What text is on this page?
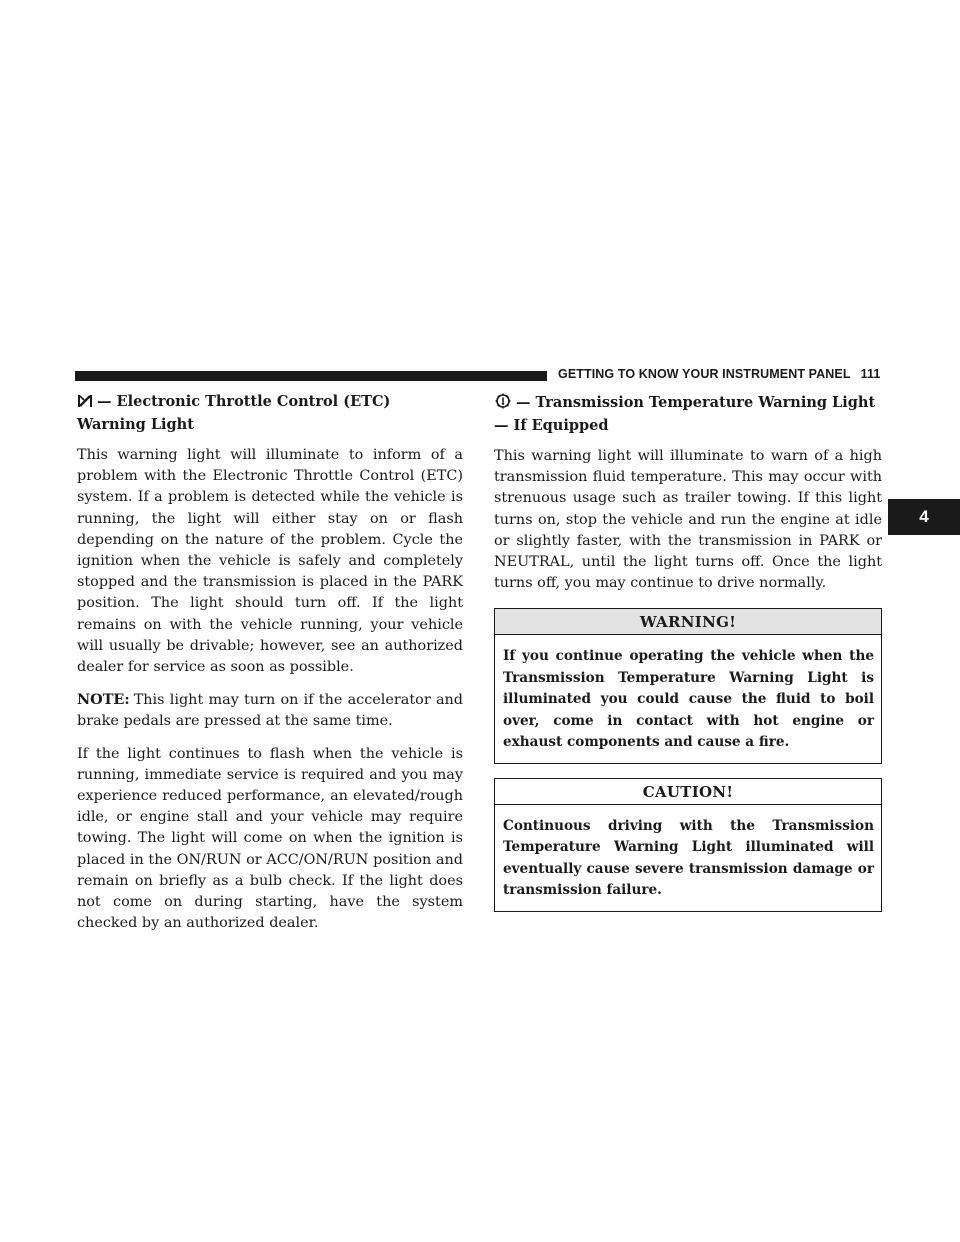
GETTING TO KNOW YOUR INSTRUMENT PANEL 111
4
— Electronic Throttle Control (ETC) Warning Light

This warning light will illuminate to inform of a problem with the Electronic Throttle Control (ETC) system. If a problem is detected while the vehicle is running, the light will either stay on or flash depending on the nature of the problem. Cycle the ignition when the vehicle is safely and completely stopped and the transmission is placed in the PARK position. The light should turn off. If the light remains on with the vehicle running, your vehicle will usually be drivable; however, see an authorized dealer for service as soon as possible.

NOTE: This light may turn on if the accelerator and brake pedals are pressed at the same time.

If the light continues to flash when the vehicle is running, immediate service is required and you may experience reduced performance, an elevated/rough idle, or engine stall and your vehicle may require towing. The light will come on when the ignition is placed in the ON/RUN or ACC/ON/RUN position and remain on briefly as a bulb check. If the light does not come on during starting, have the system checked by an authorized dealer.

— Transmission Temperature Warning Light — If Equipped

This warning light will illuminate to warn of a high transmission fluid temperature. This may occur with strenuous usage such as trailer towing. If this light turns on, stop the vehicle and run the engine at idle or slightly faster, with the transmission in PARK or NEUTRAL, until the light turns off. Once the light turns off, you may continue to drive normally.

WARNING!
If you continue operating the vehicle when the Transmission Temperature Warning Light is illuminated you could cause the fluid to boil over, come in contact with hot engine or exhaust components and cause a fire.
CAUTION!
Continuous driving with the Transmission Temperature Warning Light illuminated will eventually cause severe transmission damage or transmission failure.
